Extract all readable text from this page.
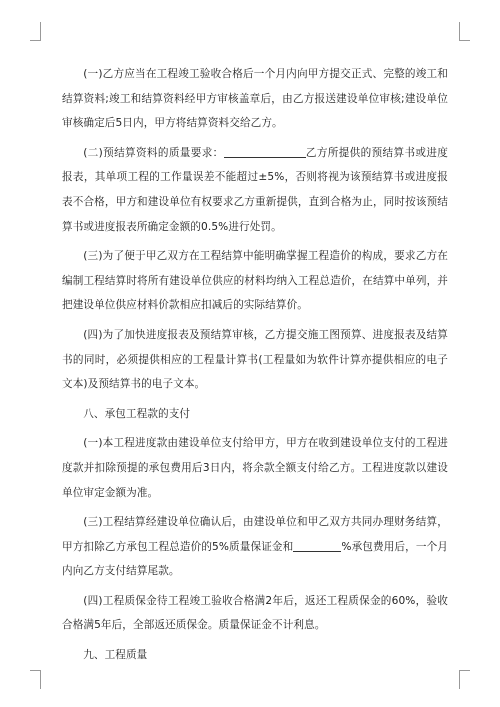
(一)乙方应当在工程竣工验收合格后一个月内向甲方提交正式、完整的竣工和结算资料;竣工和结算资料经甲方审核盖章后，由乙方报送建设单位审核;建设单位审核确定后5日内，甲方将结算资料交给乙方。

(二)预结算资料的质量要求：	乙方所提供的预结算书或进度报表，其单项工程的工作量误差不能超过±5%，否则将视为该预结算书或进度报表不合格，甲方和建设单位有权要求乙方重新提供，直到合格为止，同时按该预结算书或进度报表所确定金额的0.5%进行处罚。

(三)为了便于甲乙双方在工程结算中能明确掌握工程造价的构成，要求乙方在编制工程结算时将所有建设单位供应的材料均纳入工程总造价，在结算中单列，并把建设单位供应材料价款相应扣减后的实际结算价。

(四)为了加快进度报表及预结算审核，乙方提交施工图预算、进度报表及结算书的同时，必须提供相应的工程量计算书(工程量如为软件计算亦提供相应的电子文本)及预结算书的电子文本。

八、承包工程款的支付

(一)本工程进度款由建设单位支付给甲方，甲方在收到建设单位支付的工程进度款并扣除预提的承包费用后3日内，将余款全额支付给乙方。工程进度款以建设单位审定金额为准。

(三)工程结算经建设单位确认后，由建设单位和甲乙双方共同办理财务结算，甲方扣除乙方承包工程总造价的5%质量保证金和	%承包费用后，一个月内向乙方支付结算尾款。

(四)工程质保金待工程竣工验收合格满2年后，返还工程质保金的60%，验收合格满5年后，全部返还质保金。质量保证金不计利息。

九、工程质量
